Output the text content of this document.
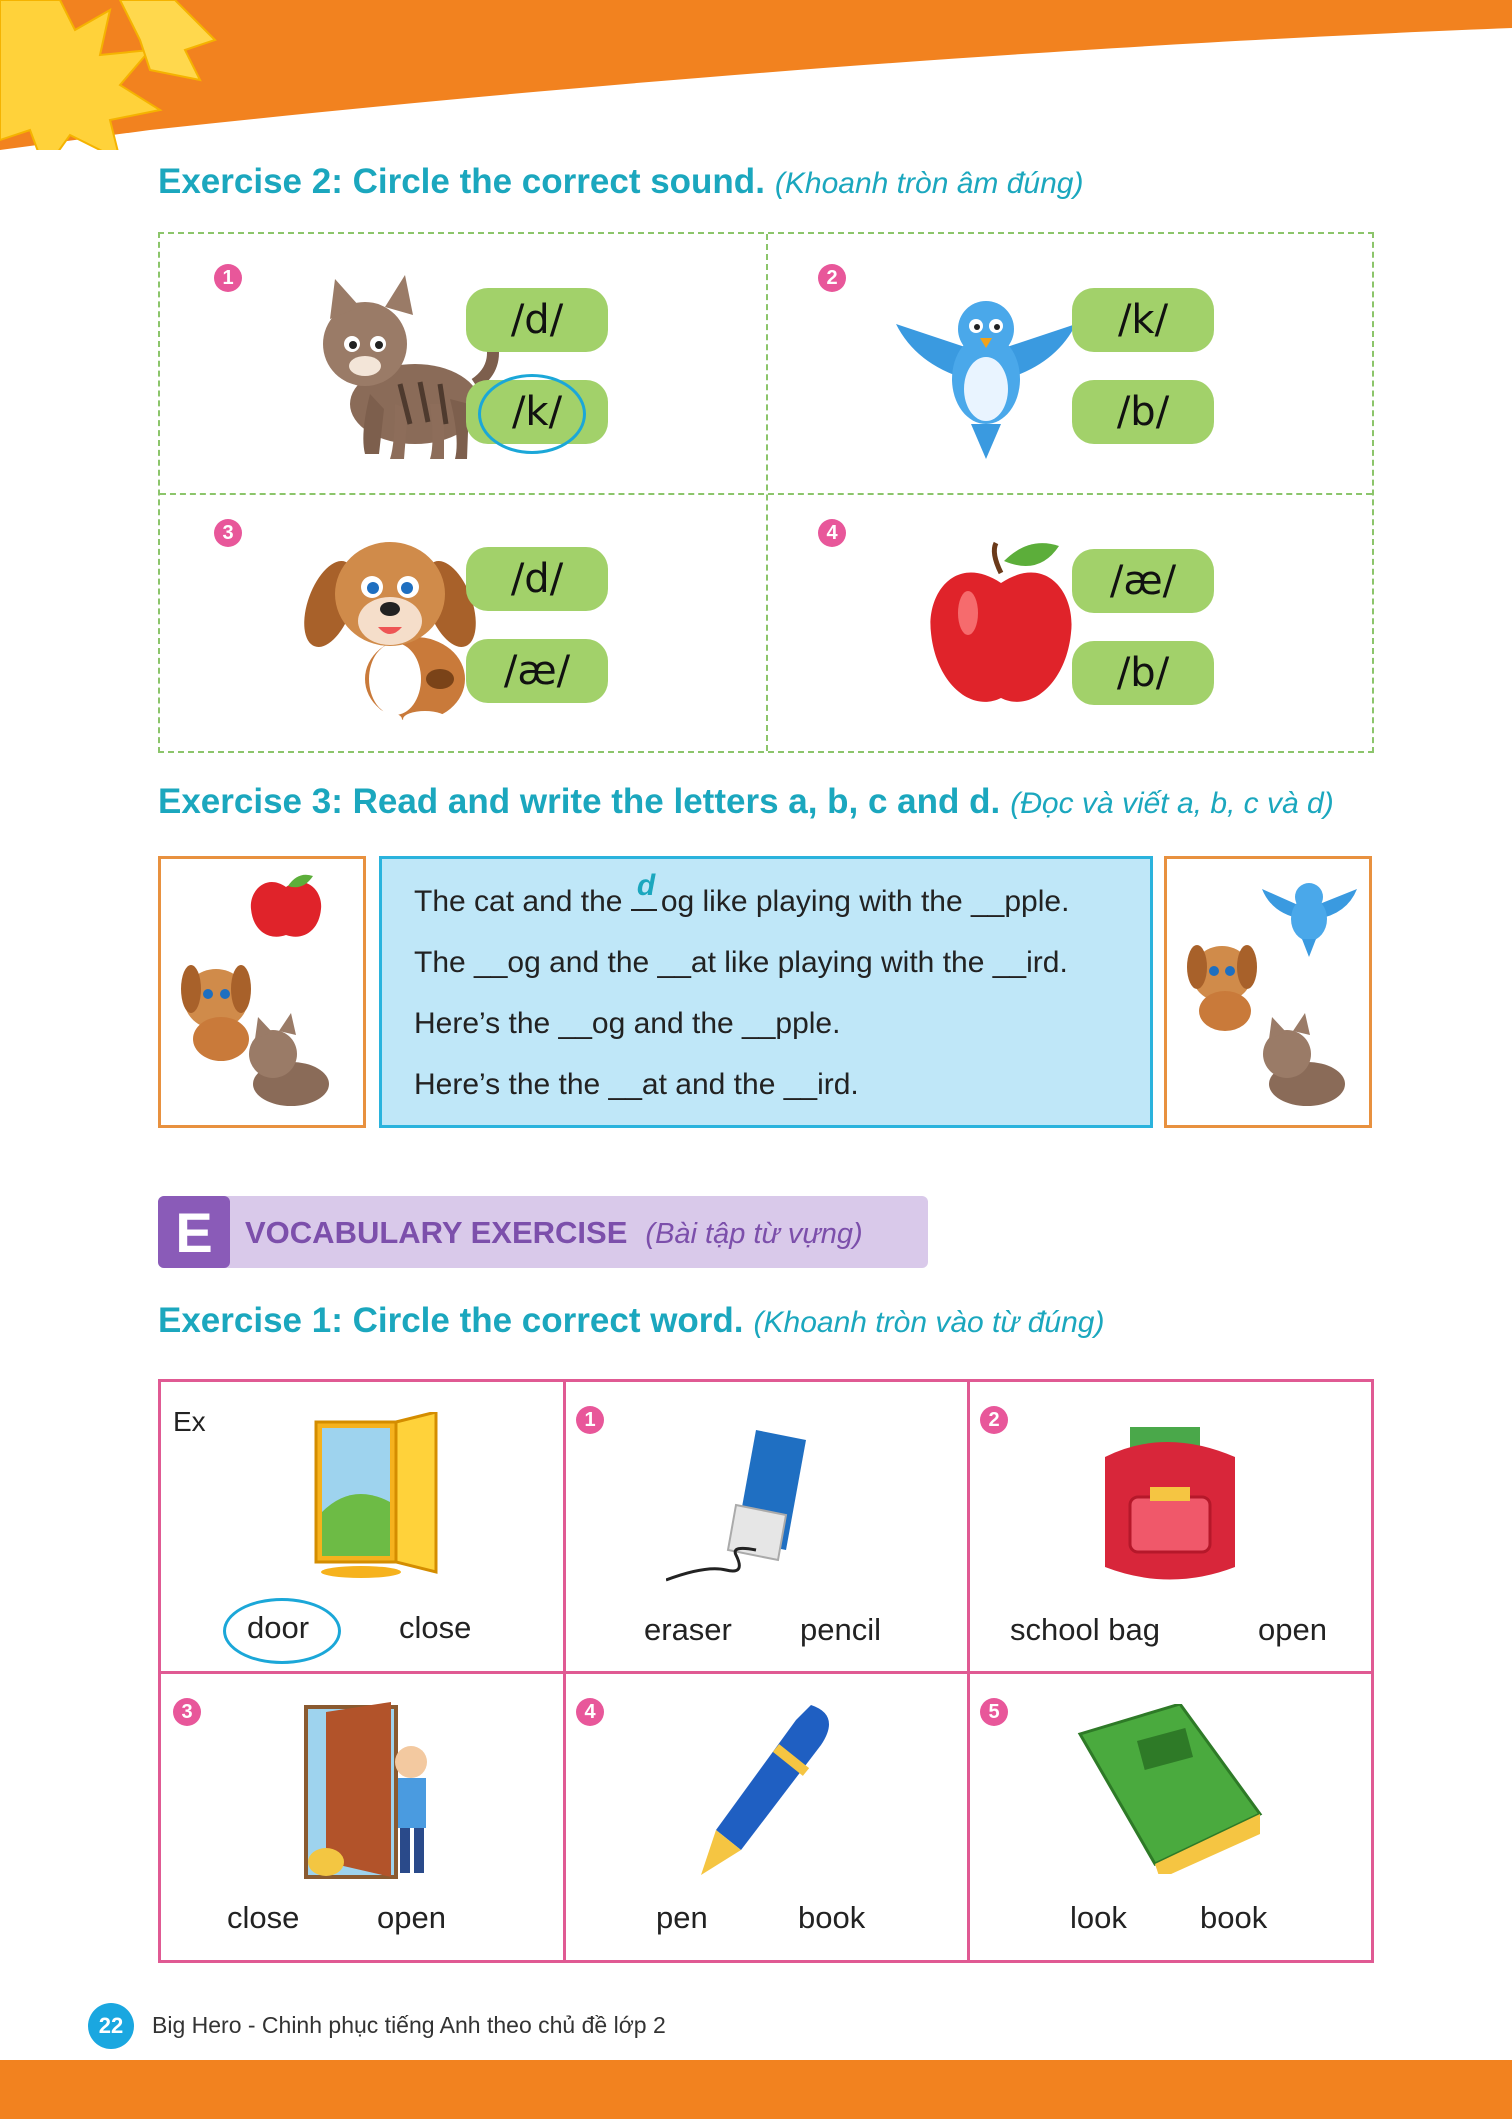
Exercise 2: Circle the correct sound. (Khoanh tròn âm đúng)
1
/d/
/k/
2
/k/
/b/
3
/d/
/æ/
4
/æ/
/b/
Exercise 3: Read and write the letters a, b, c and d. (Đọc và viết a, b, c và d)
The cat and the d og like playing with the __pple.
The __og and the __at like playing with the __ird.
Here’s the __og and the __pple.
Here’s the the __at and the __ird.
E	VOCABULARY EXERCISE (Bài tập từ vựng)
Exercise 1: Circle the correct word. (Khoanh tròn vào từ đúng)
Ex
door	close
1
eraser pencil
2
school bag	open
3
close	open
4
pen	book
5
look book
22	Big Hero - Chinh phục tiếng Anh theo chủ đề lớp 2
